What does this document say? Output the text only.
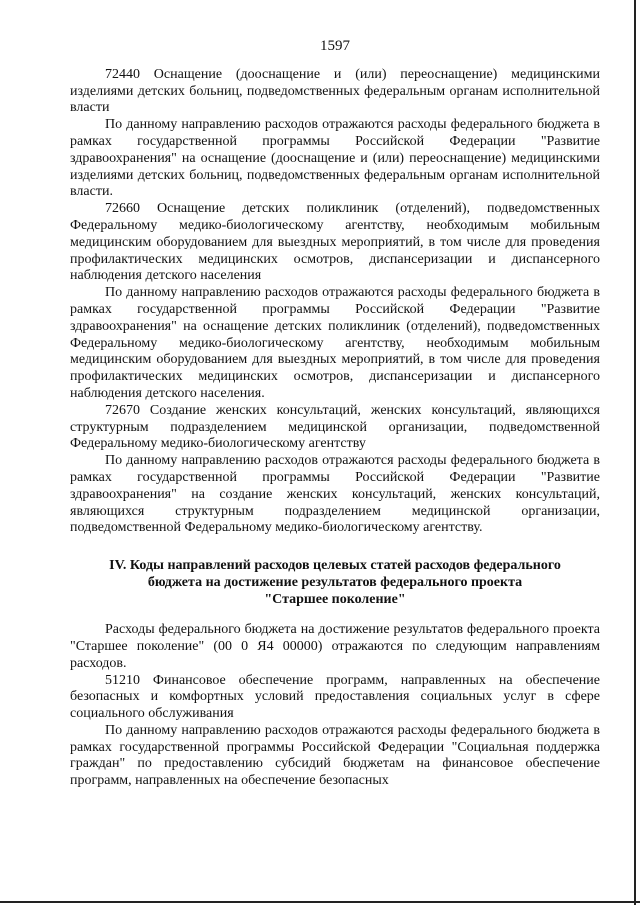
1597

72440 Оснащение (дооснащение и (или) переоснащение) медицинскими изделиями детских больниц, подведомственных федеральным органам исполнительной власти

По данному направлению расходов отражаются расходы федерального бюджета в рамках государственной программы Российской Федерации "Развитие здравоохранения" на оснащение (дооснащение и (или) переоснащение) медицинскими изделиями детских больниц, подведомственных федеральным органам исполнительной власти.

72660 Оснащение детских поликлиник (отделений), подведомственных Федеральному медико-биологическому агентству, необходимым мобильным медицинским оборудованием для выездных мероприятий, в том числе для проведения профилактических медицинских осмотров, диспансеризации и диспансерного наблюдения детского населения

По данному направлению расходов отражаются расходы федерального бюджета в рамках государственной программы Российской Федерации "Развитие здравоохранения" на оснащение детских поликлиник (отделений), подведомственных Федеральному медико-биологическому агентству, необходимым мобильным медицинским оборудованием для выездных мероприятий, в том числе для проведения профилактических медицинских осмотров, диспансеризации и диспансерного наблюдения детского населения.

72670 Создание женских консультаций, женских консультаций, являющихся структурным подразделением медицинской организации, подведомственной Федеральному медико-биологическому агентству

По данному направлению расходов отражаются расходы федерального бюджета в рамках государственной программы Российской Федерации "Развитие здравоохранения" на создание женских консультаций, женских консультаций, являющихся структурным подразделением медицинской организации, подведомственной Федеральному медико-биологическому агентству.

IV. Коды направлений расходов целевых статей расходов федерального
бюджета на достижение результатов федерального проекта
"Старшее поколение"

Расходы федерального бюджета на достижение результатов федерального проекта "Старшее поколение" (00 0 Я4 00000) отражаются по следующим направлениям расходов.

51210 Финансовое обеспечение программ, направленных на обеспечение безопасных и комфортных условий предоставления социальных услуг в сфере социального обслуживания

По данному направлению расходов отражаются расходы федерального бюджета в рамках государственной программы Российской Федерации "Социальная поддержка граждан" по предоставлению субсидий бюджетам на финансовое обеспечение программ, направленных на обеспечение безопасных
